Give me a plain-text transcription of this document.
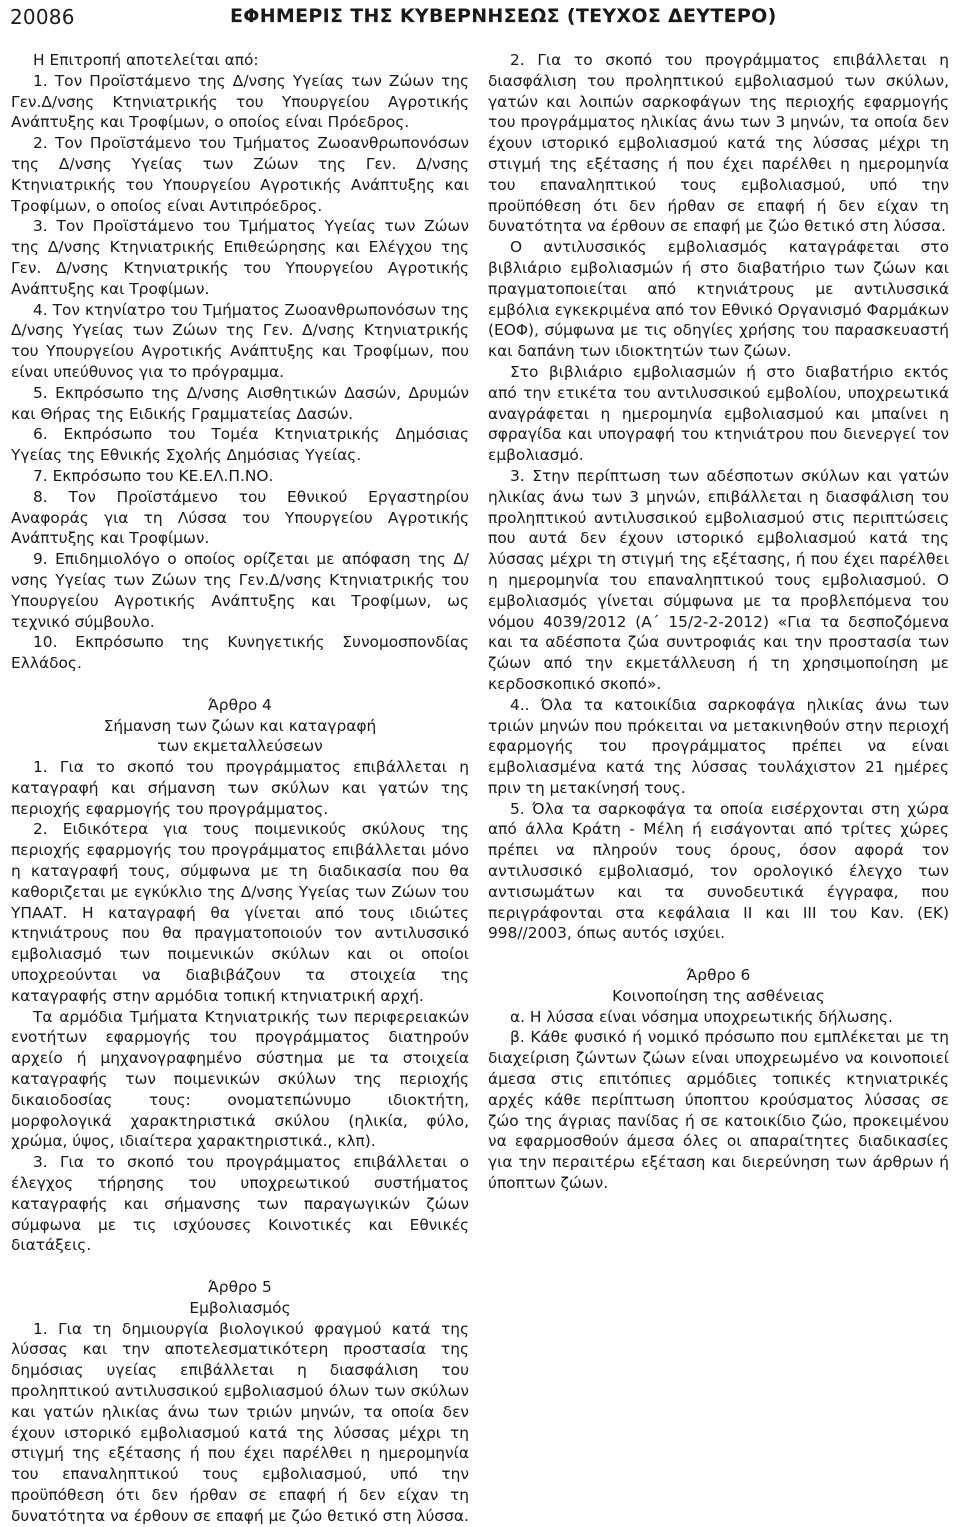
20086	ΕΦΗΜΕΡΙΣ ΤΗΣ ΚΥΒΕΡΝΗΣΕΩΣ (ΤΕΥΧΟΣ ΔΕΥΤΕΡΟ)

Η Επιτροπή αποτελείται από:

1. Τον Προϊστάμενο της Δ/νσης Υγείας των Ζώων της Γεν.Δ/νσης Κτηνιατρικής του Υπουργείου Αγροτικής Ανάπτυξης και Τροφίμων, ο οποίος είναι Πρόεδρος.

2. Τον Προϊστάμενο του Τμήματος Ζωοανθρωπονόσων της Δ/νσης Υγείας των Ζώων της Γεν. Δ/νσης Κτηνιατρικής του Υπουργείου Αγροτικής Ανάπτυξης και Τροφίμων, ο οποίος είναι Αντιπρόεδρος.

3. Τον Προϊστάμενο του Τμήματος Υγείας των Ζώων της Δ/νσης Κτηνιατρικής Επιθεώρησης και Ελέγχου της Γεν. Δ/νσης Κτηνιατρικής του Υπουργείου Αγροτικής Ανάπτυξης και Τροφίμων.

4. Τον κτηνίατρο του Τμήματος Ζωοανθρωπονόσων της Δ/νσης Υγείας των Ζώων της Γεν. Δ/νσης Κτηνιατρικής του Υπουργείου Αγροτικής Ανάπτυξης και Τροφίμων, που είναι υπεύθυνος για το πρόγραμμα.

5. Εκπρόσωπο της Δ/νσης Αισθητικών Δασών, Δρυμών και Θήρας της Ειδικής Γραμματείας Δασών.

6. Εκπρόσωπο του Τομέα Κτηνιατρικής Δημόσιας Υγείας της Εθνικής Σχολής Δημόσιας Υγείας.

7. Εκπρόσωπο του ΚΕ.ΕΛ.Π.ΝΟ.

8. Τον Προϊστάμενο του Εθνικού Εργαστηρίου Αναφοράς για τη Λύσσα του Υπουργείου Αγροτικής Ανάπτυξης και Τροφίμων.

9. Επιδημιολόγο ο οποίος ορίζεται με απόφαση της Δ/νσης Υγείας των Ζώων της Γεν.Δ/νσης Κτηνιατρικής του Υπουργείου Αγροτικής Ανάπτυξης και Τροφίμων, ως τεχνικό σύμβουλο.

10. Εκπρόσωπο της Κυνηγετικής Συνομοσπονδίας Ελλάδος.

Άρθρο 4
Σήμανση των ζώων και καταγραφή
των εκμεταλλεύσεων

1. Για το σκοπό του προγράμματος επιβάλλεται η καταγραφή και σήμανση των σκύλων και γατών της περιοχής εφαρμογής του προγράμματος.

2. Ειδικότερα για τους ποιμενικούς σκύλους της περιοχής εφαρμογής του προγράμματος επιβάλλεται μόνο η καταγραφή τους, σύμφωνα με τη διαδικασία που θα καθοριζεται με εγκύκλιο της Δ/νσης Υγείας των Ζώων του ΥΠΑΑΤ. Η καταγραφή θα γίνεται από τους ιδιώτες κτηνιάτρους που θα πραγματοποιούν τον αντιλυσσικό εμβολιασμό των ποιμενικών σκύλων και οι οποίοι υποχρεούνται να διαβιβάζουν τα στοιχεία της καταγραφής στην αρμόδια τοπική κτηνιατρική αρχή.

Τα αρμόδια Τμήματα Κτηνιατρικής των περιφερειακών ενοτήτων εφαρμογής του προγράμματος διατηρούν αρχείο ή μηχανογραφημένο σύστημα με τα στοιχεία καταγραφής των ποιμενικών σκύλων της περιοχής δικαιοδοσίας τους: ονοματεπώνυμο ιδιοκτήτη, μορφολογικά χαρακτηριστικά σκύλου (ηλικία, φύλο, χρώμα, ύψος, ιδιαίτερα χαρακτηριστικά., κλπ).

3. Για το σκοπό του προγράμματος επιβάλλεται ο έλεγχος τήρησης του υποχρεωτικού συστήματος καταγραφής και σήμανσης των παραγωγικών ζώων σύμφωνα με τις ισχύουσες Κοινοτικές και Εθνικές διατάξεις.

Άρθρο 5
Εμβολιασμός

1. Για τη δημιουργία βιολογικού φραγμού κατά της λύσσας και την αποτελεσματικότερη προστασία της δημόσιας υγείας επιβάλλεται η διασφάλιση του προληπτικού αντιλυσσικού εμβολιασμού όλων των σκύλων και γατών ηλικίας άνω των τριών μηνών, τα οποία δεν έχουν ιστορικό εμβολιασμού κατά της λύσσας μέχρι τη στιγμή της εξέτασης ή που έχει παρέλθει η ημερομηνία του επαναληπτικού τους εμβολιασμού, υπό την προϋπόθεση ότι δεν ήρθαν σε επαφή ή δεν είχαν τη δυνατότητα να έρθουν σε επαφή με ζώο θετικό στη λύσσα.

2. Για το σκοπό του προγράμματος επιβάλλεται η διασφάλιση του προληπτικού εμβολιασμού των σκύλων, γατών και λοιπών σαρκοφάγων της περιοχής εφαρμογής του προγράμματος ηλικίας άνω των 3 μηνών, τα οποία δεν έχουν ιστορικό εμβολιασμού κατά της λύσσας μέχρι τη στιγμή της εξέτασης ή που έχει παρέλθει η ημερομηνία του επαναληπτικού τους εμβολιασμού, υπό την προϋπόθεση ότι δεν ήρθαν σε επαφή ή δεν είχαν τη δυνατότητα να έρθουν σε επαφή με ζώο θετικό στη λύσσα.

Ο αντιλυσσικός εμβολιασμός καταγράφεται στο βιβλιάριο εμβολιασμών ή στο διαβατήριο των ζώων και πραγματοποιείται από κτηνιάτρους με αντιλυσσικά εμβόλια εγκεκριμένα από τον Εθνικό Οργανισμό Φαρμάκων (ΕΟΦ), σύμφωνα με τις οδηγίες χρήσης του παρασκευαστή και δαπάνη των ιδιοκτητών των ζώων.

Στο βιβλιάριο εμβολιασμών ή στο διαβατήριο εκτός από την ετικέτα του αντιλυσσικού εμβολίου, υποχρεωτικά αναγράφεται η ημερομηνία εμβολιασμού και μπαίνει η σφραγίδα και υπογραφή του κτηνιάτρου που διενεργεί τον εμβολιασμό.

3. Στην περίπτωση των αδέσποτων σκύλων και γατών ηλικίας άνω των 3 μηνών, επιβάλλεται η διασφάλιση του προληπτικού αντιλυσσικού εμβολιασμού στις περιπτώσεις που αυτά δεν έχουν ιστορικό εμβολιασμού κατά της λύσσας μέχρι τη στιγμή της εξέτασης, ή που έχει παρέλθει η ημερομηνία του επαναληπτικού τους εμβολιασμού. Ο εμβολιασμός γίνεται σύμφωνα με τα προβλεπόμενα του νόμου 4039/2012 (Α΄ 15/2-2-2012) «Για τα δεσποζόμενα και τα αδέσποτα ζώα συντροφιάς και την προστασία των ζώων από την εκμετάλλευση ή τη χρησιμοποίηση με κερδοσκοπικό σκοπό».

4.. Όλα τα κατοικίδια σαρκοφάγα ηλικίας άνω των τριών μηνών που πρόκειται να μετακινηθούν στην περιοχή εφαρμογής του προγράμματος πρέπει να είναι εμβολιασμένα κατά της λύσσας τουλάχιστον 21 ημέρες πριν τη μετακίνησή τους.

5. Όλα τα σαρκοφάγα τα οποία εισέρχονται στη χώρα από άλλα Κράτη - Μέλη ή εισάγονται από τρίτες χώρες πρέπει να πληρούν τους όρους, όσον αφορά τον αντιλυσσικό εμβολιασμό, τον ορολογικό έλεγχο των αντισωμάτων και τα συνοδευτικά έγγραφα, που περιγράφονται στα κεφάλαια ΙΙ και ΙΙΙ του Καν. (ΕΚ) 998//2003, όπως αυτός ισχύει.

Άρθρο 6
Κοινοποίηση της ασθένειας

α. Η λύσσα είναι νόσημα υποχρεωτικής δήλωσης.

β. Κάθε φυσικό ή νομικό πρόσωπο που εμπλέκεται με τη διαχείριση ζώντων ζώων είναι υποχρεωμένο να κοινοποιεί άμεσα στις επιτόπιες αρμόδιες τοπικές κτηνιατρικές αρχές κάθε περίπτωση ύποπτου κρούσματος λύσσας σε ζώο της άγριας πανίδας ή σε κατοικίδιο ζώο, προκειμένου να εφαρμοσθούν άμεσα όλες οι απαραίτητες διαδικασίες για την περαιτέρω εξέταση και διερεύνηση των άρθρων ή ύποπτων ζώων.
